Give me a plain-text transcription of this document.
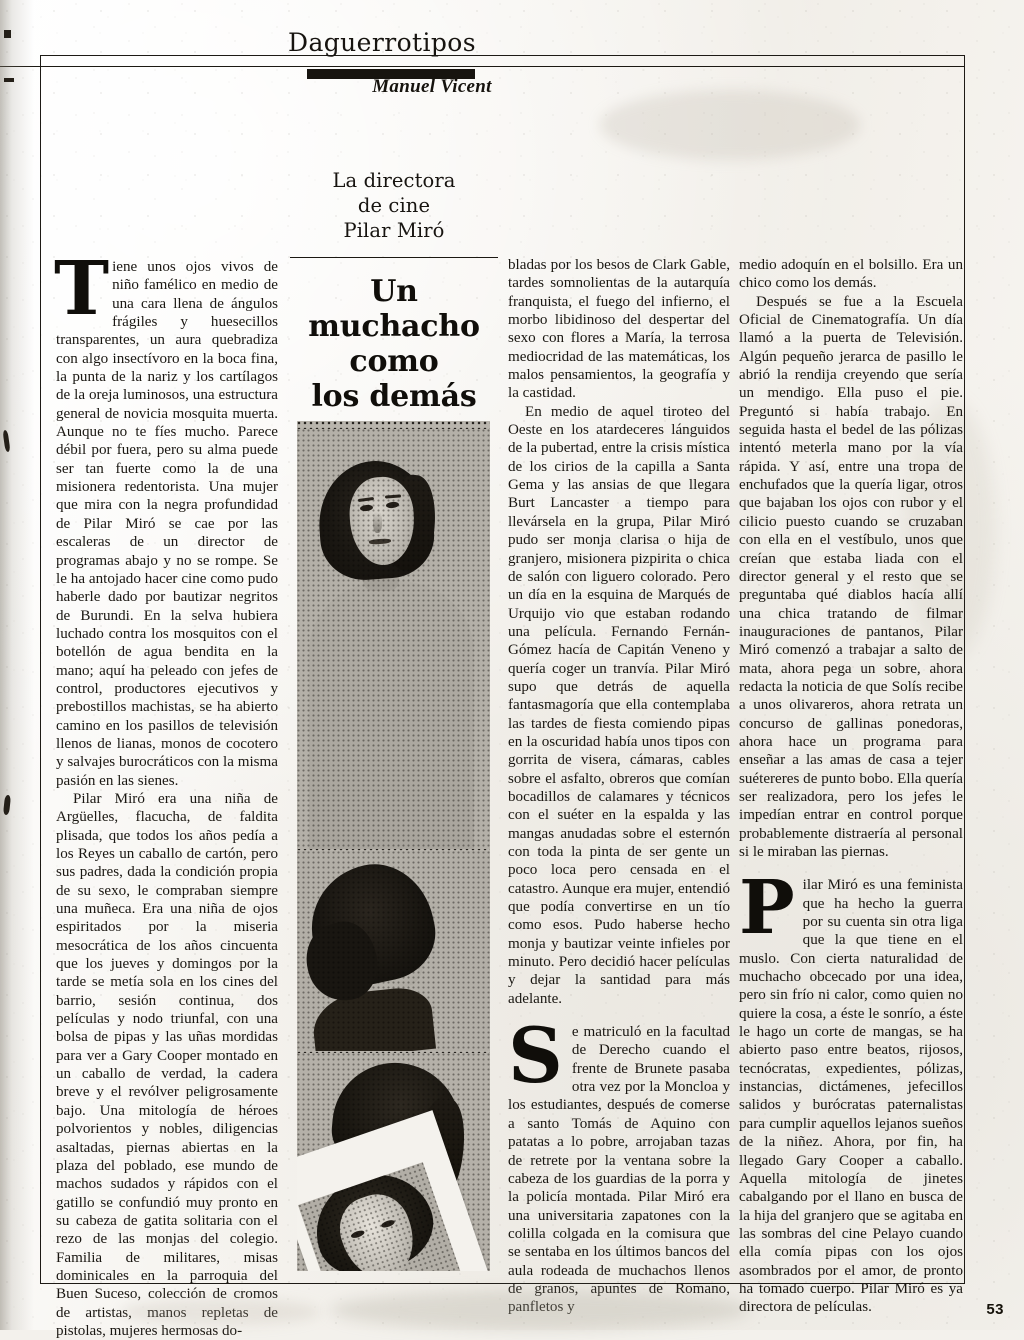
Daguerrotipos
Manuel Vicent
La directora
de cine
Pilar Miró
Un
muchacho
como
los demás

Tiene unos ojos vivos de niño famélico en medio de una cara llena de ángulos frágiles y huesecillos transparentes, un aura quebradiza con algo insectívoro en la boca fina, la punta de la nariz y los cartílagos de la oreja luminosos, una estructura general de novicia mosquita muerta. Aunque no te fíes mucho. Parece débil por fuera, pero su alma puede ser tan fuerte como la de una misionera redentorista. Una mujer que mira con la negra profundidad de Pilar Miró se cae por las escaleras de un director de programas abajo y no se rompe. Se le ha antojado hacer cine como pudo haberle dado por bautizar negritos de Burundi. En la selva hubiera luchado contra los mosquitos con el botellón de agua bendita en la mano; aquí ha peleado con jefes de control, productores ejecutivos y prebostillos machistas, se ha abierto camino en los pasillos de televisión llenos de lianas, monos de cocotero y salvajes burocráticos con la misma pasión en las sienes.

Pilar Miró era una niña de Argüelles, flacucha, de faldita plisada, que todos los años pedía a los Reyes un caballo de cartón, pero sus padres, dada la condición propia de su sexo, le compraban siempre una muñeca. Era una niña de ojos espiritados por la miseria mesocrática de los años cincuenta que los jueves y domingos por la tarde se metía sola en los cines del barrio, sesión continua, dos películas y nodo triunfal, con una bolsa de pipas y las uñas mordidas para ver a Gary Cooper montado en un caballo de verdad, la cadera breve y el revólver peligrosamente bajo. Una mitología de héroes polvorientos y nobles, diligencias asaltadas, piernas abiertas en la plaza del poblado, ese mundo de machos sudados y rápidos con el gatillo se confundió muy pronto en su cabeza de gatita solitaria con el rezo de las monjas del colegio. Familia de militares, misas dominicales en la parroquia del Buen Suceso, colección de cromos de artistas, manos repletas de pistolas, mujeres hermosas do-

bladas por los besos de Clark Gable, tardes somnolientas de la autarquía franquista, el fuego del infierno, el morbo libidinoso del despertar del sexo con flores a María, la terrosa mediocridad de las matemáticas, los malos pensamientos, la geografía y la castidad.

En medio de aquel tiroteo del Oeste en los atardeceres lánguidos de la pubertad, entre la crisis mística de los cirios de la capilla a Santa Gema y las ansias de que llegara Burt Lancaster a tiempo para llevársela en la grupa, Pilar Miró pudo ser monja clarisa o hija de granjero, misionera pizpirita o chica de salón con liguero colorado. Pero un día en la esquina de Marqués de Urquijo vio que estaban rodando una película. Fernando Fernán-Gómez hacía de Capitán Veneno y quería coger un tranvía. Pilar Miró supo que detrás de aquella fantasmagoría que ella contemplaba las tardes de fiesta comiendo pipas en la oscuridad había unos tipos con gorrita de visera, cámaras, cables sobre el asfalto, obreros que comían bocadillos de calamares y técnicos con el suéter en la espalda y las mangas anudadas sobre el esternón con toda la pinta de ser gente un poco loca pero censada en el catastro. Aunque era mujer, entendió que podía convertirse en un tío como esos. Pudo haberse hecho monja y bautizar veinte infieles por minuto. Pero decidió hacer películas y dejar la santidad para más adelante.

Se matriculó en la facultad de Derecho cuando el frente de Brunete pasaba otra vez por la Moncloa y los estudiantes, después de comerse a santo Tomás de Aquino con patatas a lo pobre, arrojaban tazas de retrete por la ventana sobre la cabeza de los guardias de la porra y la policía montada. Pilar Miró era una universitaria zapatones con la colilla colgada en la comisura que se sentaba en los últimos bancos del aula rodeada de muchachos llenos de granos, apuntes de Romano, panfletos y

medio adoquín en el bolsillo. Era un chico como los demás.

Después se fue a la Escuela Oficial de Cinematografía. Un día llamó a la puerta de Televisión. Algún pequeño jerarca de pasillo le abrió la rendija creyendo que sería un mendigo. Ella puso el pie. Preguntó si había trabajo. En seguida hasta el bedel de las pólizas intentó meterla mano por la vía rápida. Y así, entre una tropa de enchufados que la quería ligar, otros que bajaban los ojos con rubor y el cilicio puesto cuando se cruzaban con ella en el vestíbulo, unos que creían que estaba liada con el director general y el resto que se preguntaba qué diablos hacía allí una chica tratando de filmar inauguraciones de pantanos, Pilar Miró comenzó a trabajar a salto de mata, ahora pega un sobre, ahora redacta la noticia de que Solís recibe a unos olivareros, ahora retrata un concurso de gallinas ponedoras, ahora hace un programa para enseñar a las amas de casa a tejer suétereres de punto bobo. Ella quería ser realizadora, pero los jefes le impedían entrar en control porque probablemente distraería al personal si le miraban las piernas.

Pilar Miró es una feminista que ha hecho la guerra por su cuenta sin otra liga que la que tiene en el muslo. Con cierta naturalidad de muchacho obcecado por una idea, pero sin frío ni calor, como quien no quiere la cosa, a éste le sonrío, a éste le hago un corte de mangas, se ha abierto paso entre beatos, rijosos, tecnócratas, expedientes, pólizas, instancias, dictámenes, jefecillos salidos y burócratas paternalistas para cumplir aquellos lejanos sueños de la niñez. Ahora, por fin, ha llegado Gary Cooper a caballo. Aquella mitología de jinetes cabalgando por el llano en busca de la hija del granjero que se agitaba en las sombras del cine Pelayo cuando ella comía pipas con los ojos asombrados por el amor, de pronto ha tomado cuerpo. Pilar Miró es ya directora de películas.	53
